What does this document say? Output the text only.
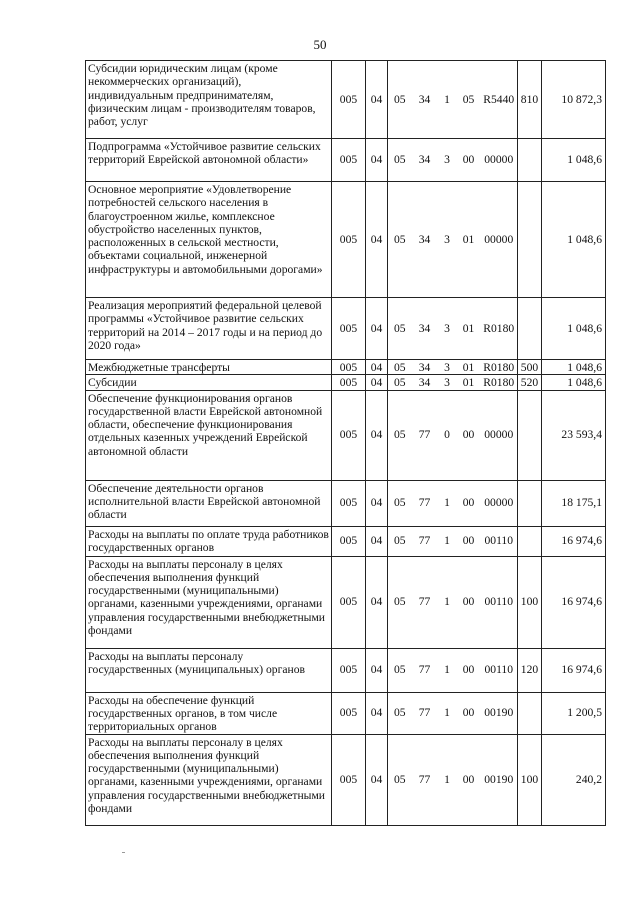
50
Субсидии юридическим лицам (кроме некоммерческих организаций), индивидуальным предпринимателям, физическим лицам - производителям товаров, работ, услуг	005	04	05	34	1	05	R5440	810	10 872,3
Подпрограмма «Устойчивое развитие сельских территорий Еврейской автономной области»	005	04	05	34	3	00	00000		1 048,6
Основное мероприятие «Удовлетворение потребностей сельского населения в благоустроенном жилье, комплексное обустройство населенных пунктов, расположенных в сельской местности, объектами социальной, инженерной инфраструктуры и автомобильными дорогами»	005	04	05	34	3	01	00000		1 048,6
Реализация мероприятий федеральной целевой программы «Устойчивое развитие сельских территорий на 2014 – 2017 годы и на период до 2020 года»	005	04	05	34	3	01	R0180		1 048,6
Межбюджетные трансферты	005	04	05	34	3	01	R0180	500	1 048,6
Субсидии	005	04	05	34	3	01	R0180	520	1 048,6
Обеспечение функционирования органов государственной власти Еврейской автономной области, обеспечение функционирования отдельных казенных учреждений Еврейской автономной области	005	04	05	77	0	00	00000		23 593,4
Обеспечение деятельности органов исполнительной власти Еврейской автономной области	005	04	05	77	1	00	00000		18 175,1
Расходы на выплаты по оплате труда работников государственных органов	005	04	05	77	1	00	00110		16 974,6
Расходы на выплаты персоналу в целях обеспечения выполнения функций государственными (муниципальными) органами, казенными учреждениями, органами управления государственными внебюджетными фондами	005	04	05	77	1	00	00110	100	16 974,6
Расходы на выплаты персоналу государственных (муниципальных) органов	005	04	05	77	1	00	00110	120	16 974,6
Расходы на обеспечение функций государственных органов, в том числе территориальных органов	005	04	05	77	1	00	00190		1 200,5
Расходы на выплаты персоналу в целях обеспечения выполнения функций государственными (муниципальными) органами, казенными учреждениями, органами управления государственными внебюджетными фондами	005	04	05	77	1	00	00190	100	240,2
